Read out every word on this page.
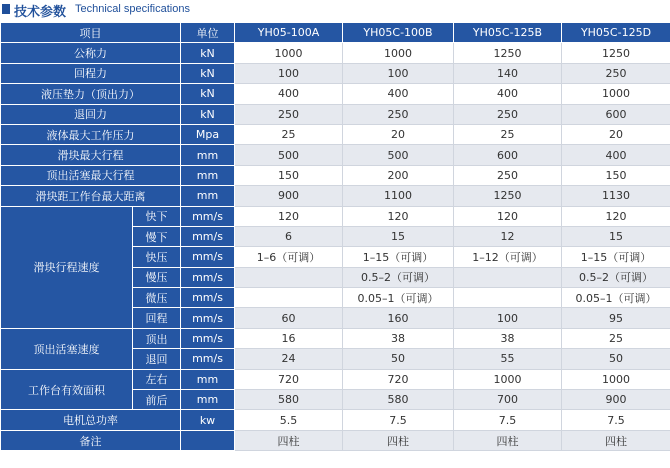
技术参数 Technical specifications
项目		单位	YH05-100A	YH05C-100B	YH05C-125B	YH05C-125D
公称力		kN	1000	1000	1250	1250
回程力		kN	100	100	140	250
液压垫力（顶出力）		kN	400	400	400	1000
退回力		kN	250	250	250	600
液体最大工作压力		Mpa	25	20	25	20
滑块最大行程		mm	500	500	600	400
顶出活塞最大行程		mm	150	200	250	150
滑块距工作台最大距离		mm	900	1100	1250	1130
滑块行程速度	快下	mm/s	120	120	120	120
	慢下	mm/s	6	15	12	15
	快压	mm/s	1–6（可调）	1–15（可调）	1–12（可调）	1–15（可调）
	慢压	mm/s		0.5–2（可调）		0.5–2（可调）
	微压	mm/s		0.05–1（可调）		0.05–1（可调）
	回程	mm/s	60	160	100	95
顶出活塞速度	顶出	mm/s	16	38	38	25
	退回	mm/s	24	50	55	50
工作台有效面积	左右	mm	720	720	1000	1000
	前后	mm	580	580	700	900
电机总功率		kw	5.5	7.5	7.5	7.5
备注			四柱	四柱	四柱	四柱
